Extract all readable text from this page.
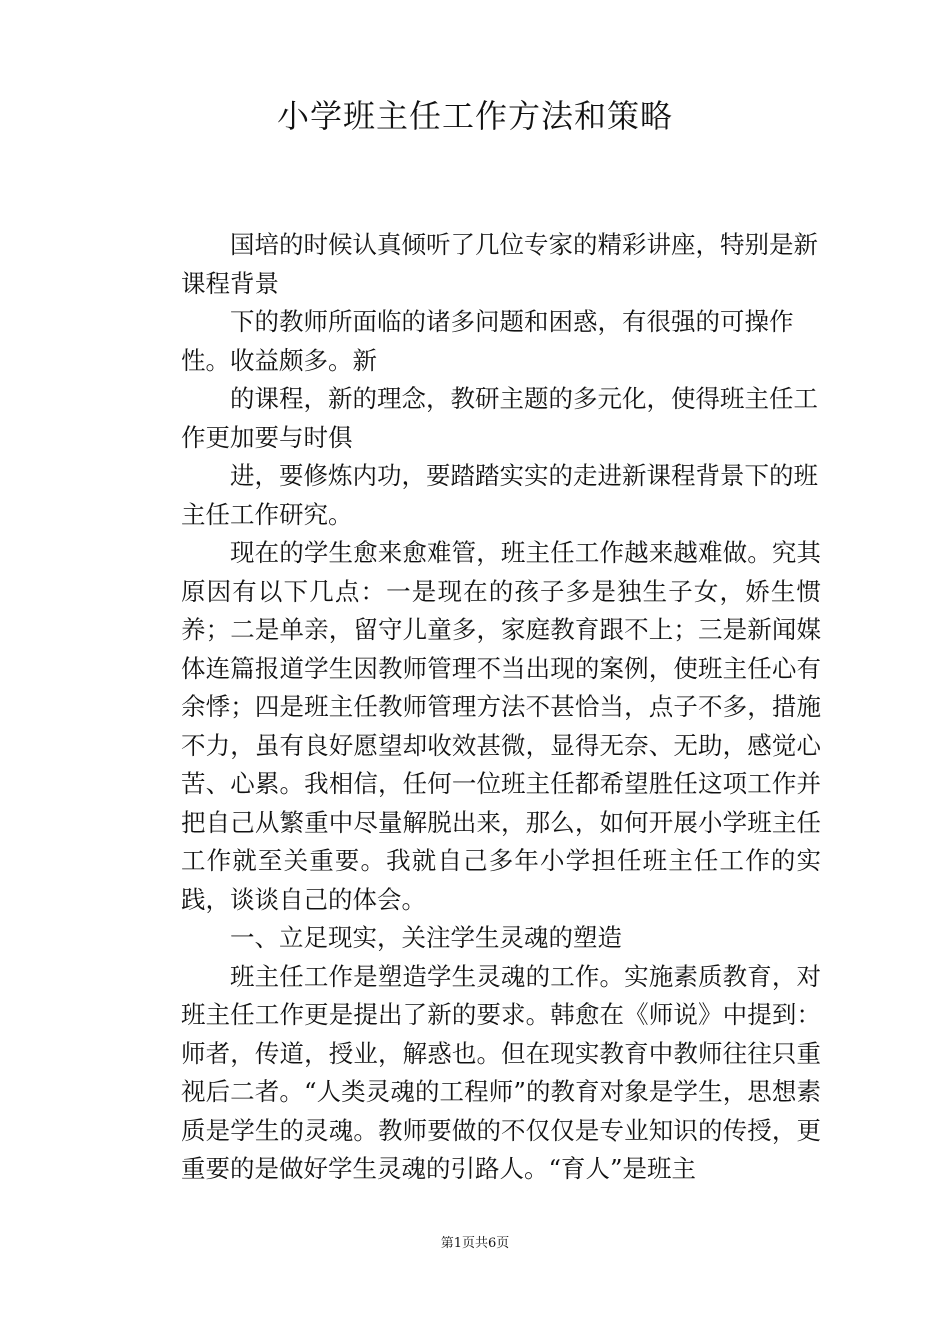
小学班主任工作方法和策略

国培的时候认真倾听了几位专家的精彩讲座，特别是新课程背景

下的教师所面临的诸多问题和困惑，有很强的可操作性。收益颇多。新

的课程，新的理念，教研主题的多元化，使得班主任工作更加要与时俱

进，要修炼内功，要踏踏实实的走进新课程背景下的班主任工作研究。

现在的学生愈来愈难管，班主任工作越来越难做。究其原因有以下几点：一是现在的孩子多是独生子女，娇生惯养；二是单亲，留守儿童多，家庭教育跟不上；三是新闻媒体连篇报道学生因教师管理不当出现的案例，使班主任心有余悸；四是班主任教师管理方法不甚恰当，点子不多，措施不力，虽有良好愿望却收效甚微，显得无奈、无助，感觉心苦、心累。我相信，任何一位班主任都希望胜任这项工作并把自己从繁重中尽量解脱出来，那么，如何开展小学班主任工作就至关重要。我就自己多年小学担任班主任工作的实践，谈谈自己的体会。

一、立足现实，关注学生灵魂的塑造

班主任工作是塑造学生灵魂的工作。实施素质教育，对班主任工作更是提出了新的要求。韩愈在《师说》中提到：师者，传道，授业，解惑也。但在现实教育中教师往往只重视后二者。“人类灵魂的工程师”的教育对象是学生，思想素质是学生的灵魂。教师要做的不仅仅是专业知识的传授，更重要的是做好学生灵魂的引路人。“育人”是班主

第1页共6页
